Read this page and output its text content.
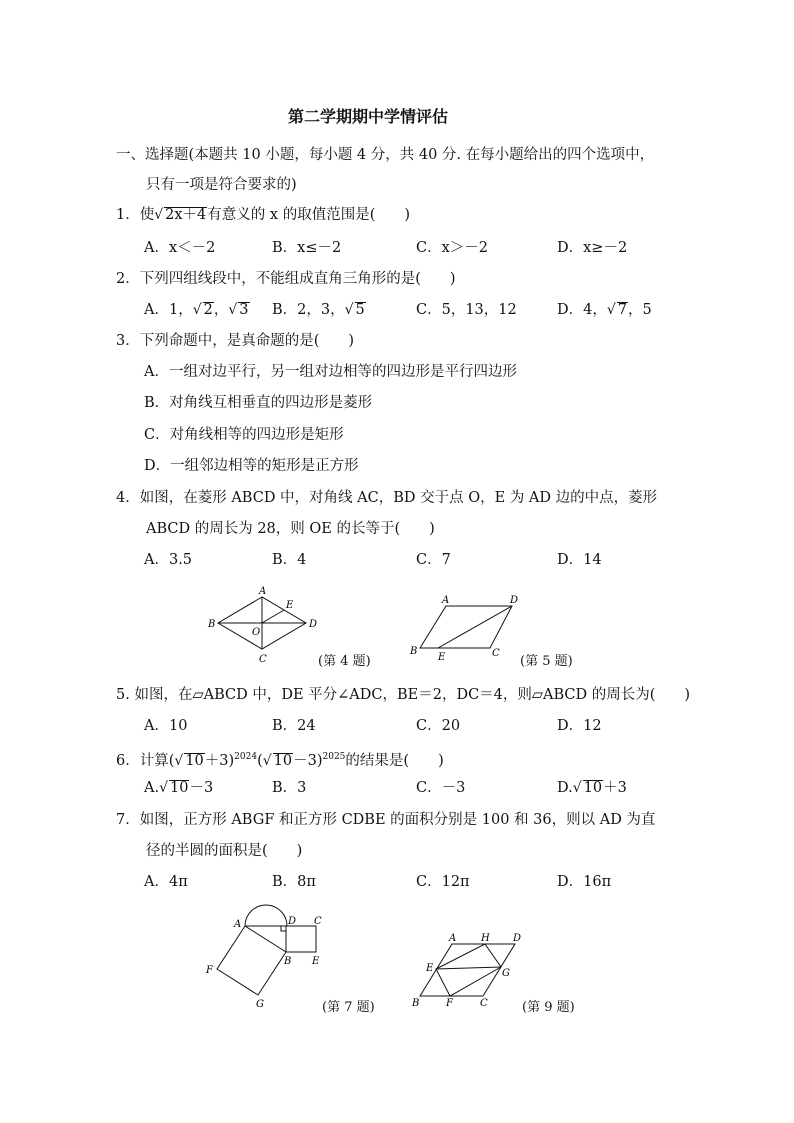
第二学期期中学情评估
一、选择题(本题共 10 小题，每小题 4 分，共 40 分. 在每小题给出的四个选项中，
只有一项是符合要求的)
1．使√ 2x＋4有意义的 x 的取值范围是(　　)
A．x＜－2	B．x≤－2	C．x＞－2	D．x≥－2
2．下列四组线段中，不能组成直角三角形的是(　　)
A．1，√ 2，√ 3 B．2，3，√ 5	C．5，13，12	D．4，√ 7，5
3．下列命题中，是真命题的是(　　)
A．一组对边平行，另一组对边相等的四边形是平行四边形
B．对角线互相垂直的四边形是菱形
C．对角线相等的四边形是矩形
D．一组邻边相等的矩形是正方形
4．如图，在菱形 ABCD 中，对角线 AC，BD 交于点 O，E 为 AD 边的中点，菱形
ABCD 的周长为 28，则 OE 的长等于(　　)
A．3.5	B．4	C．7	D．14
A
B
C
D
E
O
(第 4 题)
A	D
B	C
E	(第 5 题)
5. 如图，在▱ABCD 中，DE 平分∠ADC，BE＝2，DC＝4，则▱ABCD 的周长为(　　)
A．10	B．24	C．20	D．12
6．计算(√ 10＋3)$^{2024}$(√ 10－3)$^{2025}$的结果是(　　)
A.√ 10－3	B．3	C．－3	D.√ 10＋3
7．如图，正方形 ABGF 和正方形 CDBE 的面积分别是 100 和 36，则以 AD 为直
径的半圆的面积是(　　)
A．4π	B．8π	C．12π	D．16π
A	D C
B E
F
G	(第 7 题)
A H D
E	G
B	F	C	(第 9 题)
